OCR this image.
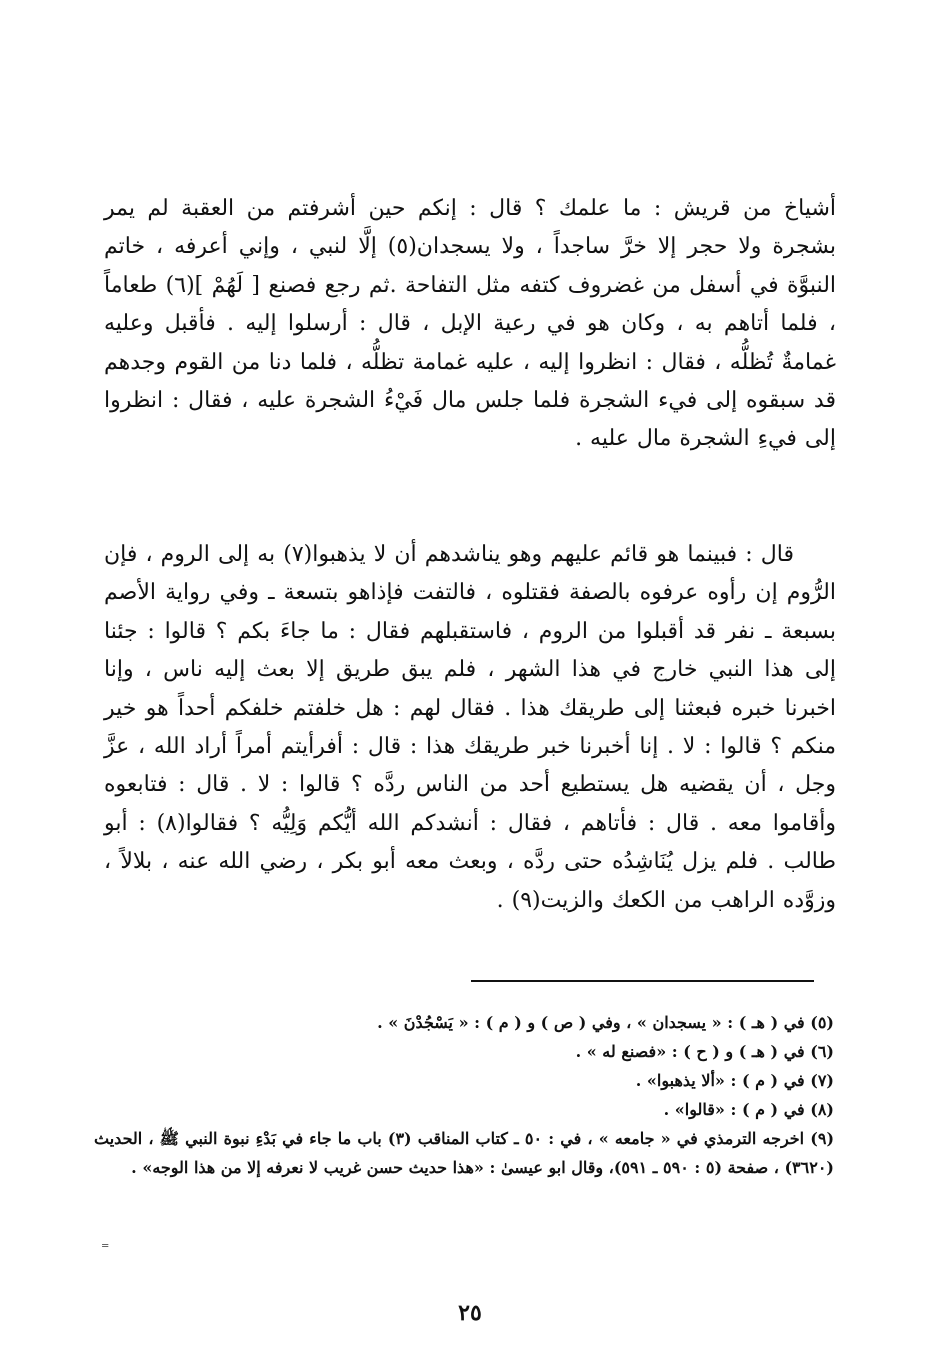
أشياخ من قريش : ما علمك ؟ قال : إنكم حين أشرفتم من العقبة لم يمر بشجرة ولا حجر إلا خرَّ ساجداً ، ولا يسجدان(٥) إلَّا لنبي ، وإني أعرفه ، خاتم النبوَّة في أسفل من غضروف كتفه مثل التفاحة .ثم رجع فصنع [ لَهُمْ ](٦) طعاماً ، فلما أتاهم به ، وكان هو في رعية الإبل ، قال : أرسلوا إليه . فأقبل وعليه غمامةٌ تُظلُّه ، فقال : انظروا إليه ، عليه غمامة تظلُّه ، فلما دنا من القوم وجدهم قد سبقوه إلى فيء الشجرة فلما جلس مال فَيْءُ الشجرة عليه ، فقال : انظروا إلى فيءِ الشجرة مال عليه .

قال : فبينما هو قائم عليهم وهو يناشدهم أن لا يذهبوا(٧) به إلى الروم ، فإن الرُّوم إن رأوه عرفوه بالصفة فقتلوه ، فالتفت فإذاهو بتسعة ـ وفي رواية الأصم بسبعة ـ نفر قد أقبلوا من الروم ، فاستقبلهم فقال : ما جاءَ بكم ؟ قالوا : جئنا إلى هذا النبي خارج في هذا الشهر ، فلم يبق طريق إلا بعث إليه ناس ، وإنا اخبرنا خبره فبعثنا إلى طريقك هذا . فقال لهم : هل خلفتم خلفكم أحداً هو خير منكم ؟ قالوا : لا . إنا أخبرنا خبر طريقك هذا : قال : أفرأيتم أمراً أراد الله ، عزَّ وجل ، أن يقضيه هل يستطيع أحد من الناس ردَّه ؟ قالوا : لا . قال : فتابعوه وأقاموا معه . قال : فأتاهم ، فقال : أنشدكم الله أيُّكم وَلِيُّه ؟ فقالوا(٨) : أبو طالب . فلم يزل يُنَاشِدُه حتى ردَّه ، وبعث معه أبو بكر ، رضي الله عنه ، بلالاً ، وزوَّده الراهب من الكعك والزيت(٩) .

(٥) في ( هـ ) : « يسجدان » ، وفي ( ص ) و ( م ) : « يَسْجُدْنَ » .

(٦) في ( هـ ) و ( ح ) : «فصنع له » .

(٧) في ( م ) : «ألا يذهبوا» .

(٨) في ( م ) : «قالوا» .

(٩) اخرجه الترمذي في « جامعه » ، في : ٥٠ ـ كتاب المناقب (٣) باب ما جاء في بَدْءِ نبوة النبي ﷺ ، الحديث (٣٦٢٠) ، صفحة (٥ : ٥٩٠ ـ ٥٩١)، وقال ابو عيسىٰ : «هذا حديث حسن غريب لا نعرفه إلا من هذا الوجه» .

=
٢٥
